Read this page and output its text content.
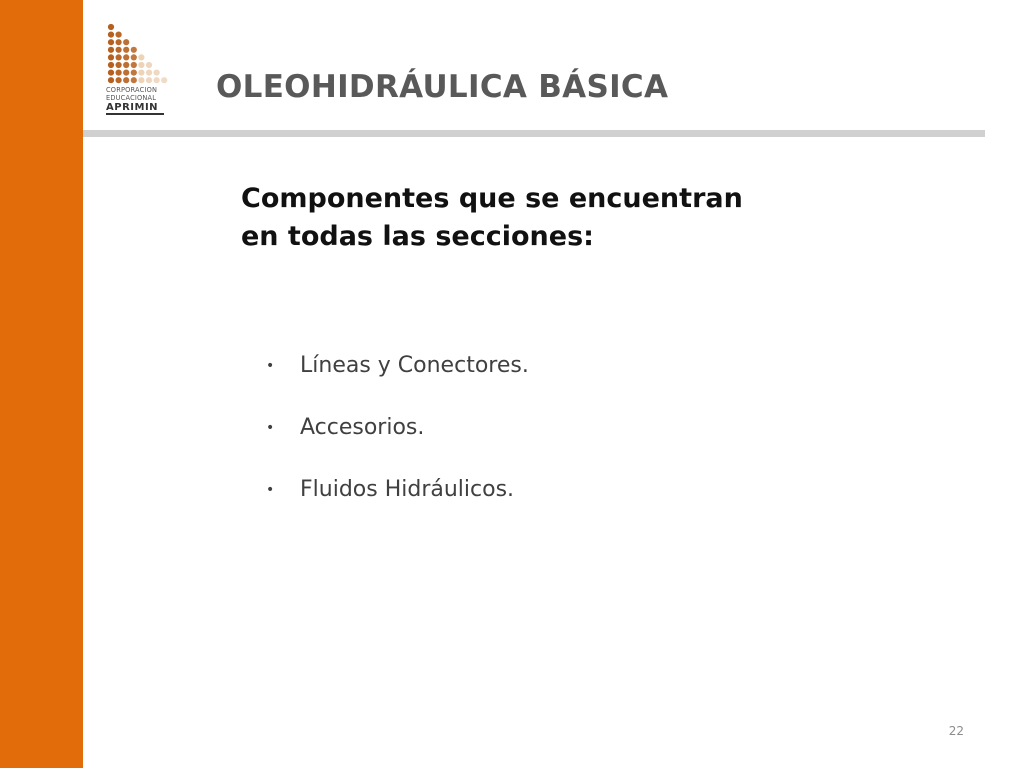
CORPORACION
EDUCACIONAL
APRIMIN
OLEOHIDRÁULICA BÁSICA
Componentes que se encuentran
en todas las secciones:
• Líneas y Conectores.
• Accesorios.
• Fluidos Hidráulicos.
22
